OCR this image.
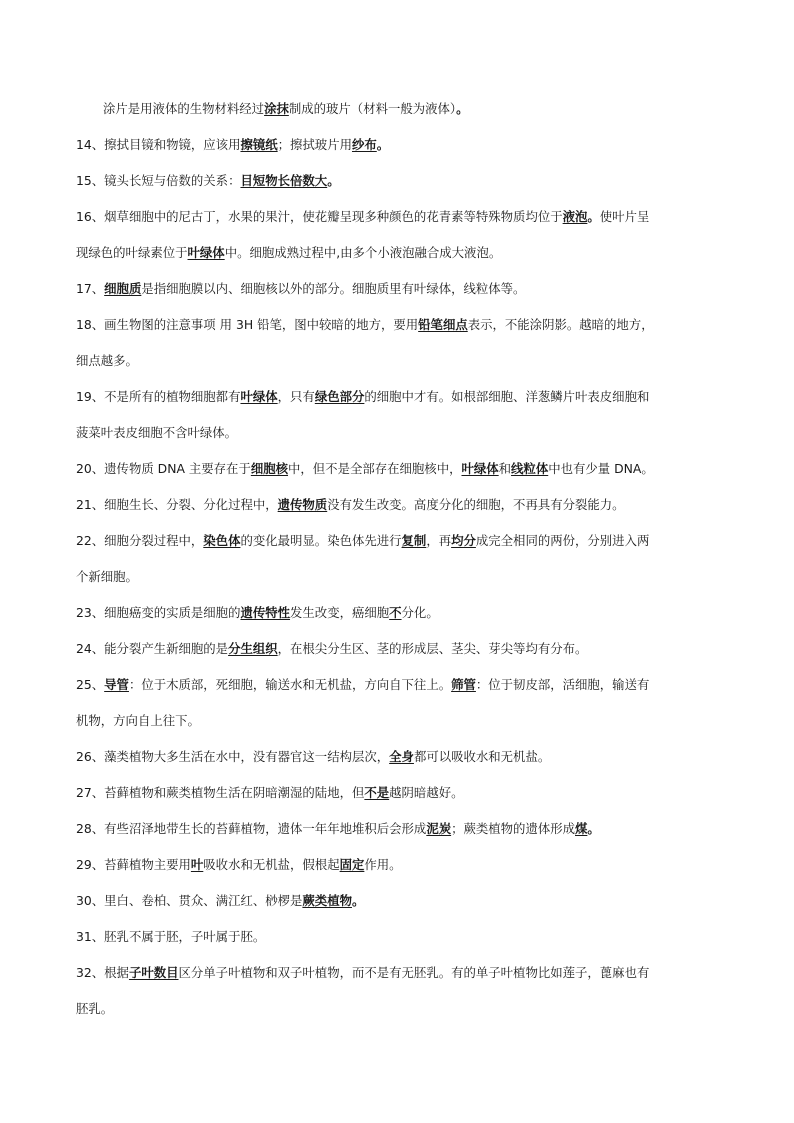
涂片是用液体的生物材料经过涂抹制成的玻片（材料一般为液体）。
14、擦拭目镜和物镜，应该用擦镜纸；擦拭玻片用纱布。
15、镜头长短与倍数的关系：目短物长倍数大。
16、烟草细胞中的尼古丁，水果的果汁，使花瓣呈现多种颜色的花青素等特殊物质均位于液泡。使叶片呈
现绿色的叶绿素位于叶绿体中。细胞成熟过程中,由多个小液泡融合成大液泡。
17、细胞质是指细胞膜以内、细胞核以外的部分。细胞质里有叶绿体，线粒体等。
18、画生物图的注意事项 用 3H 铅笔，图中较暗的地方，要用铅笔细点表示，不能涂阴影。越暗的地方，
细点越多。
19、不是所有的植物细胞都有叶绿体，只有绿色部分的细胞中才有。如根部细胞、洋葱鳞片叶表皮细胞和
菠菜叶表皮细胞不含叶绿体。
20、遗传物质 DNA 主要存在于细胞核中，但不是全部存在细胞核中，叶绿体和线粒体中也有少量 DNA。
21、细胞生长、分裂、分化过程中，遗传物质没有发生改变。高度分化的细胞，不再具有分裂能力。
22、细胞分裂过程中，染色体的变化最明显。染色体先进行复制，再均分成完全相同的两份，分别进入两
个新细胞。
23、细胞癌变的实质是细胞的遗传特性发生改变，癌细胞不分化。
24、能分裂产生新细胞的是分生组织，在根尖分生区、茎的形成层、茎尖、芽尖等均有分布。
25、导管：位于木质部，死细胞，输送水和无机盐，方向自下往上。筛管：位于韧皮部，活细胞，输送有
机物，方向自上往下。
26、藻类植物大多生活在水中，没有器官这一结构层次，全身都可以吸收水和无机盐。
27、苔藓植物和蕨类植物生活在阴暗潮湿的陆地，但不是越阴暗越好。
28、有些沼泽地带生长的苔藓植物，遗体一年年地堆积后会形成泥炭；蕨类植物的遗体形成煤。
29、苔藓植物主要用叶吸收水和无机盐，假根起固定作用。
30、里白、卷柏、贯众、满江红、桫椤是蕨类植物。
31、胚乳不属于胚，子叶属于胚。
32、根据子叶数目区分单子叶植物和双子叶植物，而不是有无胚乳。有的单子叶植物比如莲子，蓖麻也有
胚乳。
